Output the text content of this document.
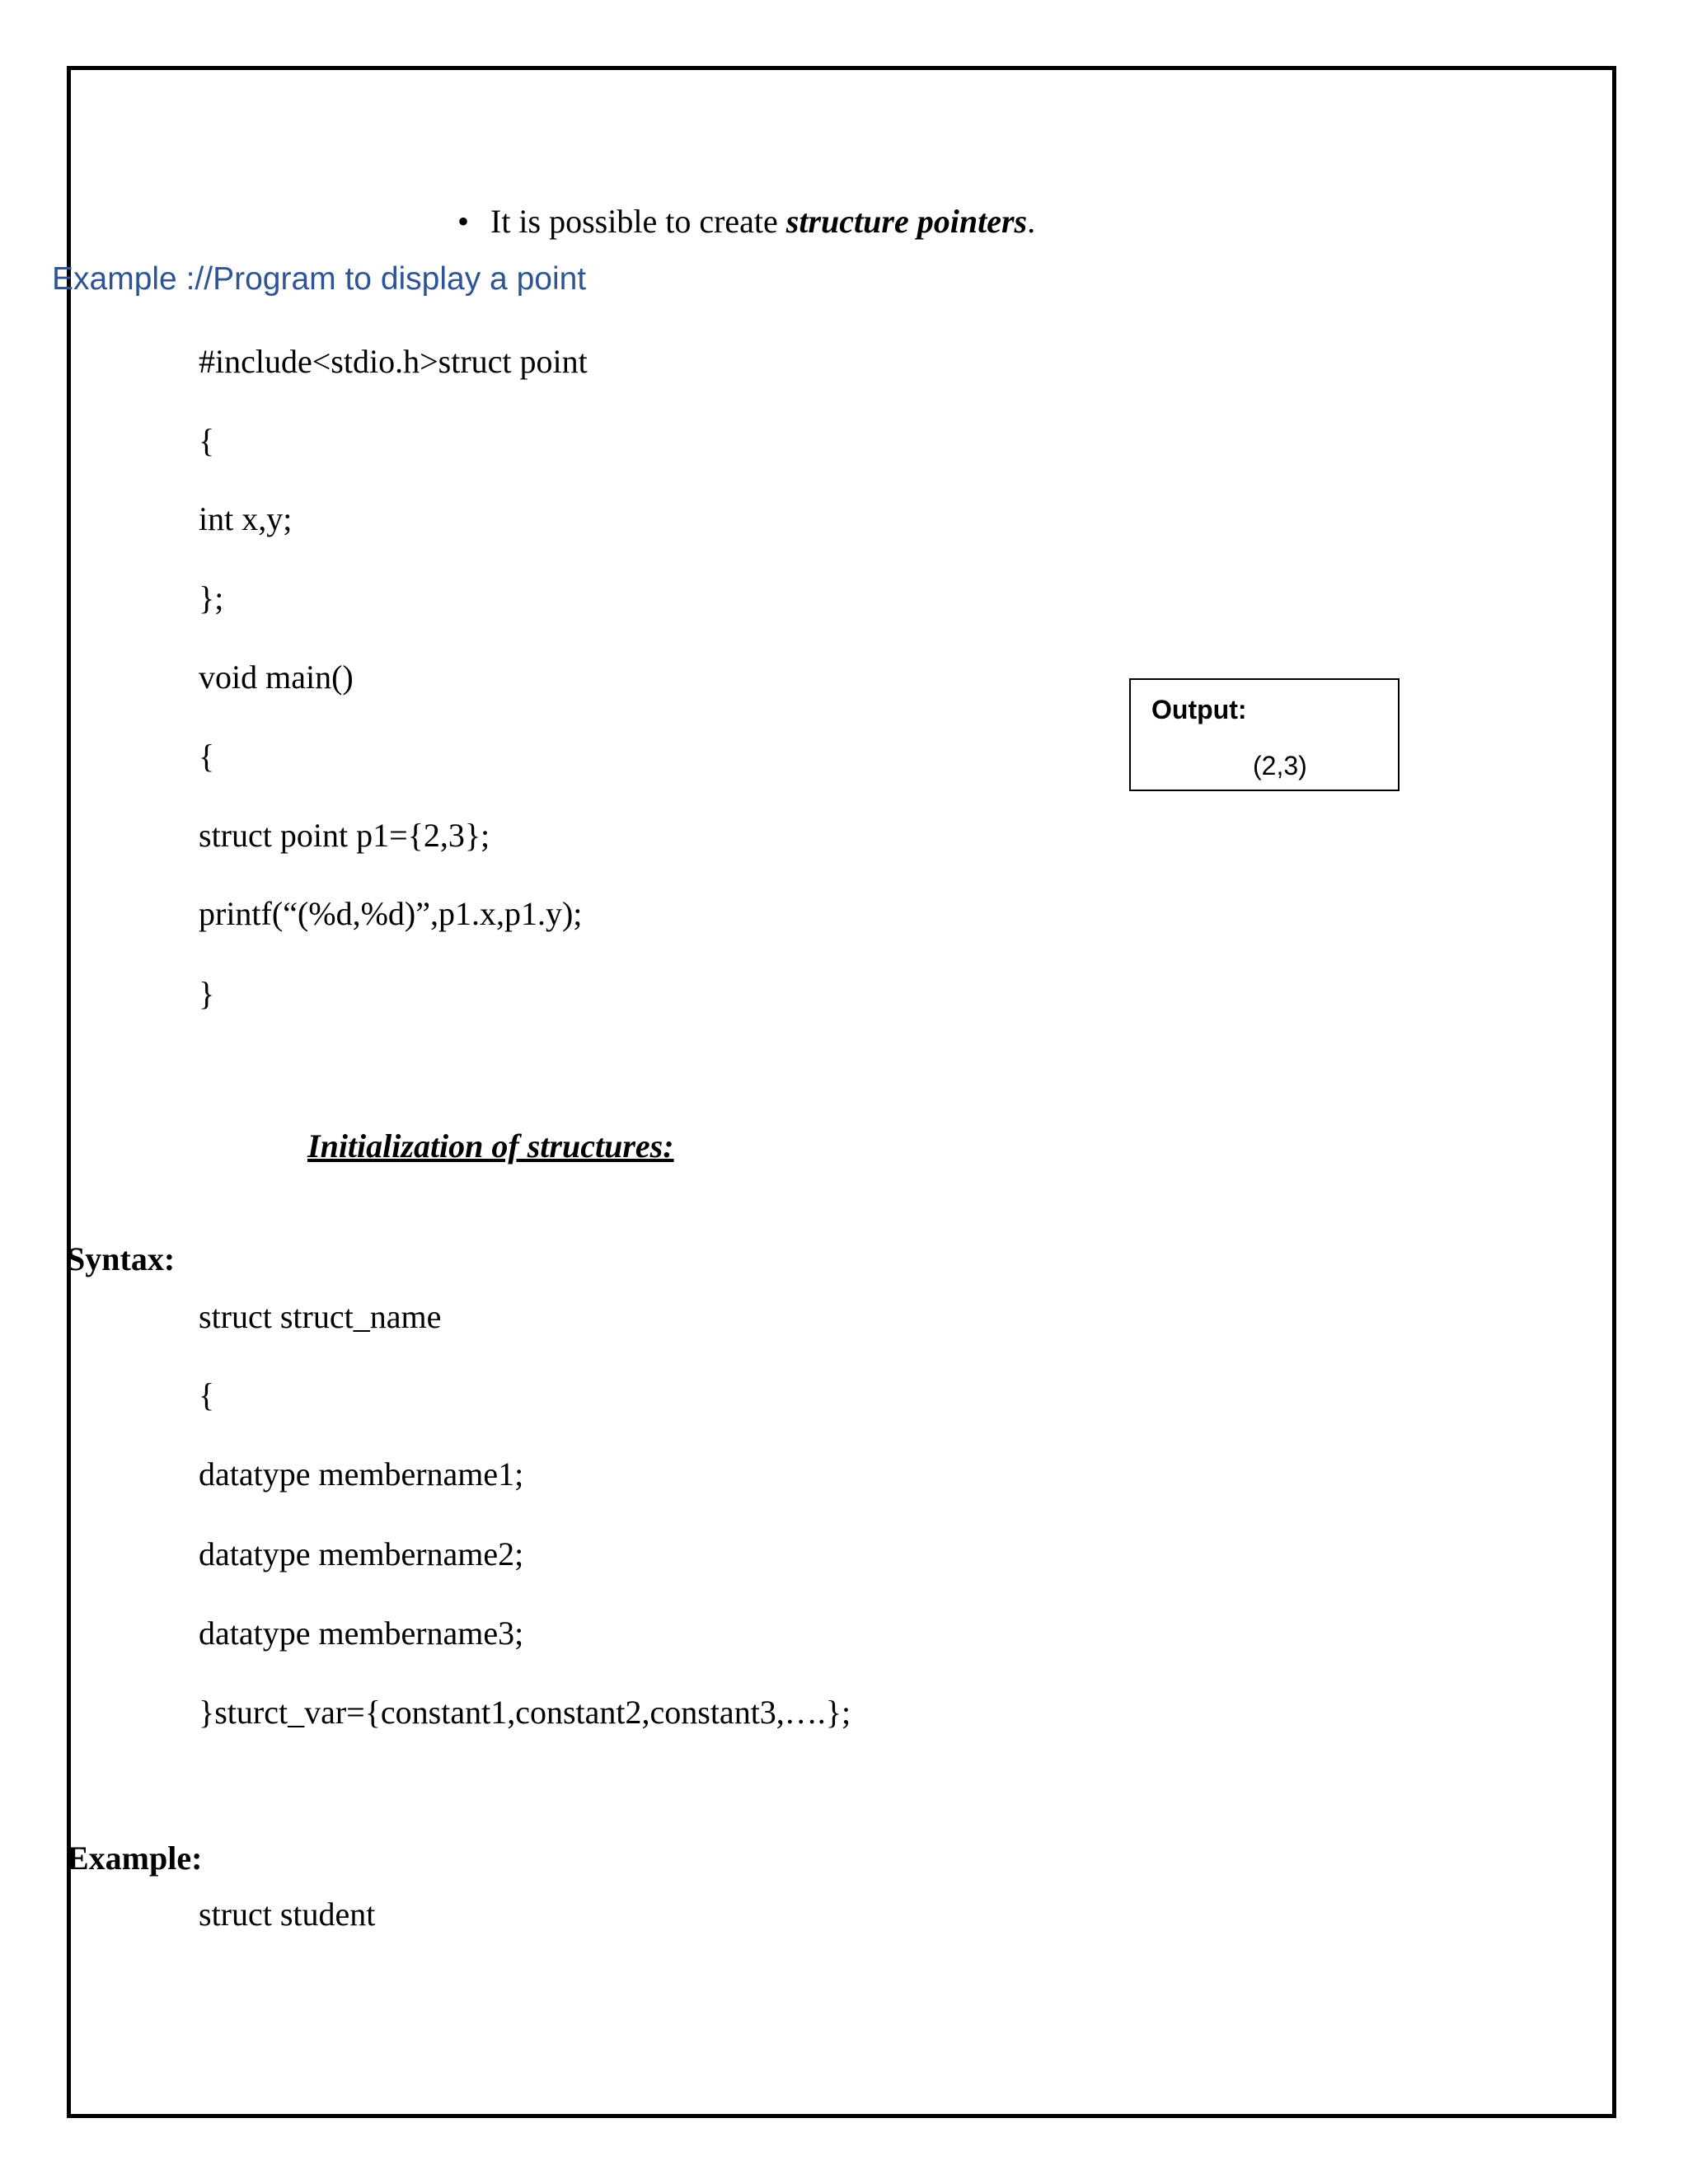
• It is possible to create structure pointers.
Example ://Program to display a point
#include<stdio.h>struct point
{
int x,y;
};
void main()
{
struct point p1={2,3};
printf(“(%d,%d)”,p1.x,p1.y);
}
Output:
(2,3)
Initialization of structures:
Syntax:
struct struct_name
{
datatype membername1;
datatype membername2;
datatype membername3;
}sturct_var={constant1,constant2,constant3,….};
Example:
struct student
